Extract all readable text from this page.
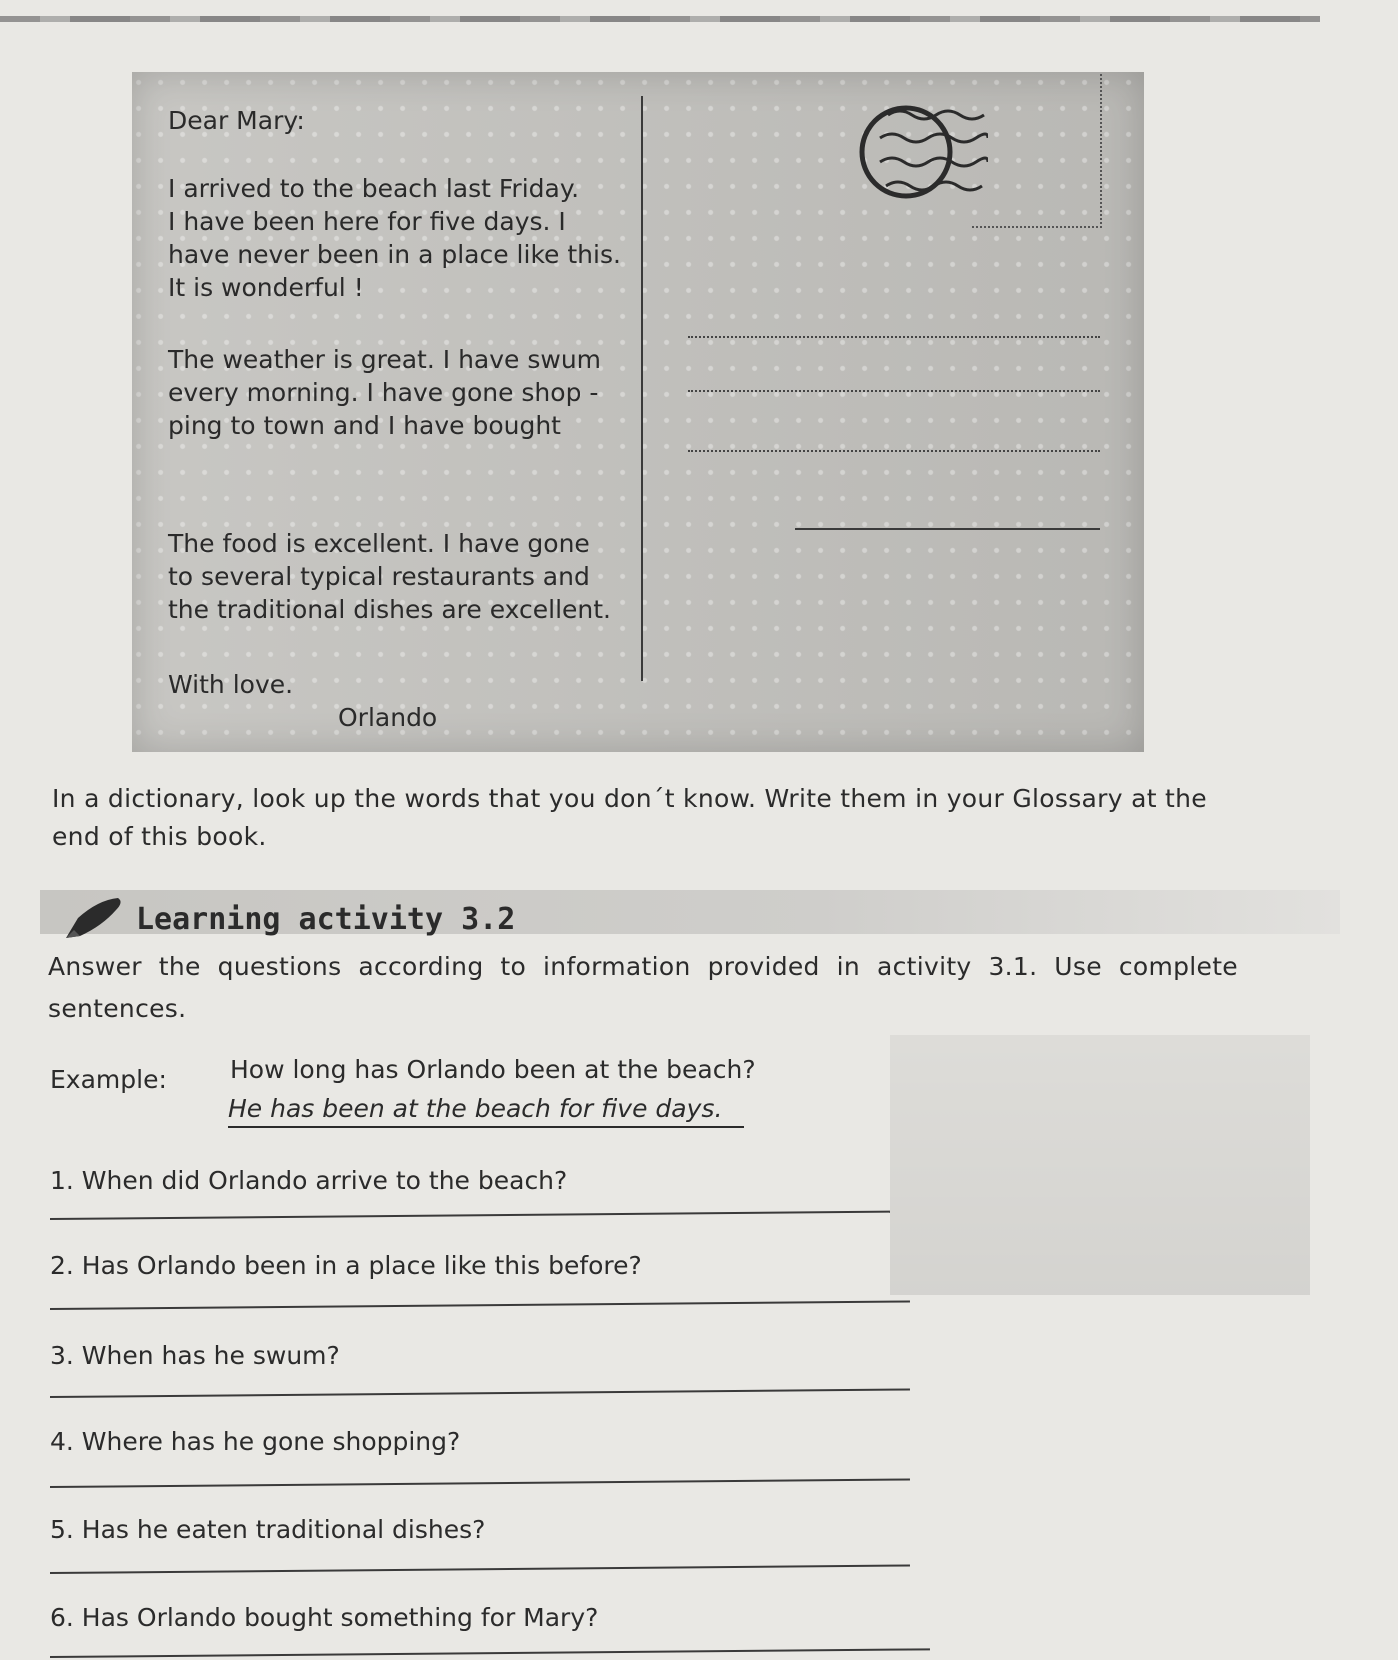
Dear Mary:

I arrived to the beach last Friday.

I have been here for five days. I

have never been in a place like this.

It is wonderful !

The weather is great. I have swum

every morning. I have gone shop -

ping to town and I have bought

The food is excellent. I have gone

to several typical restaurants and

the traditional dishes are excellent.

With love.

Orlando

In a dictionary, look up the words that you don´t know. Write them in your Glossary at the end of this book.

Learning activity 3.2

Answer the questions according to information provided in activity 3.1. Use complete sentences.

Example:	How long has Orlando been at the beach?
He has been at the beach for five days.

1. When did Orlando arrive to the beach?

2. Has Orlando been in a place like this before?

3. When has he swum?

4. Where has he gone shopping?

5. Has he eaten traditional dishes?

6. Has Orlando bought something for Mary?
